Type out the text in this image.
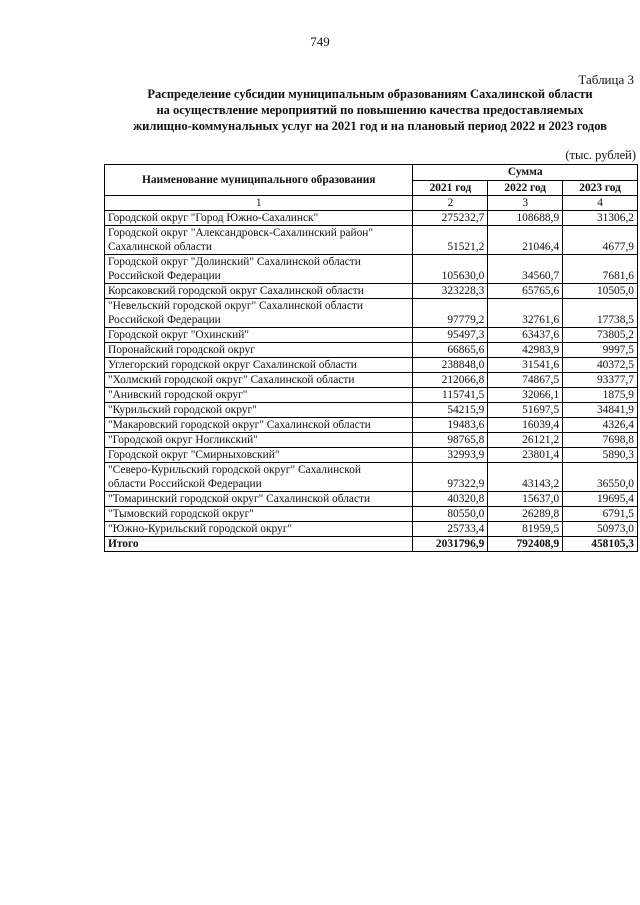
749
Таблица 3
Распределение субсидии муниципальным образованиям Сахалинской области
на осуществление мероприятий по повышению качества предоставляемых
жилищно-коммунальных услуг на 2021 год и на плановый период 2022 и 2023 годов
(тыс. рублей)
Наименование муниципального образования	Сумма		
	2021 год	2022 год	2023 год
1	2	3	4

Городской округ "Город Южно-Сахалинск"	275232,7	108688,9	31306,2

Городской округ "Александровск-Сахалинский район"
Сахалинской области	51521,2	21046,4	4677,9

Городской округ "Долинский" Сахалинской области
Российской Федерации	105630,0	34560,7	7681,6

Корсаковский городской округ Сахалинской области	323228,3	65765,6	10505,0

"Невельский городской округ" Сахалинской области
Российской Федерации	97779,2	32761,6	17738,5

Городской округ "Охинский"	95497,3	63437,6	73805,2

Поронайский городской округ	66865,6	42983,9	9997,5

Углегорский городской округ Сахалинской области	238848,0	31541,6	40372,5

"Холмский городской округ" Сахалинской области	212066,8	74867,5	93377,7

"Анивский городской округ"	115741,5	32066,1	1875,9

"Курильский городской округ"	54215,9	51697,5	34841,9

"Макаровский городской округ" Сахалинской области	19483,6	16039,4	4326,4

"Городской округ Ногликский"	98765,8	26121,2	7698,8

Городской округ "Смирныховский"	32993,9	23801,4	5890,3

"Северо-Курильский городской округ" Сахалинской
области Российской Федерации	97322,9	43143,2	36550,0

"Томаринский городской округ" Сахалинской области	40320,8	15637,0	19695,4

"Тымовский городской округ"	80550,0	26289,8	6791,5

"Южно-Курильский городской округ"	25733,4	81959,5	50973,0
Итого	2031796,9	792408,9	458105,3
